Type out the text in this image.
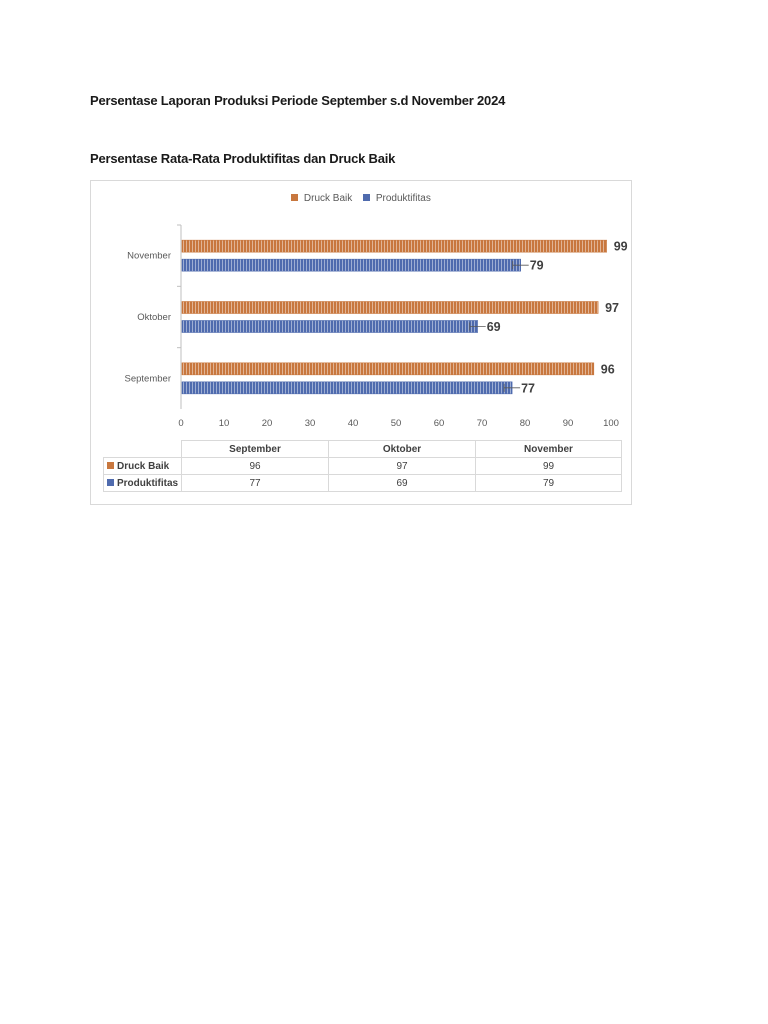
Persentase Laporan Produksi Periode September s.d November 2024
Persentase Rata-Rata Produktifitas dan Druck Baik
Druck Baik Produktifitas
September
96
77
Oktober
97
69
November
99
79
0	10	20	30	40	50	60	70	80	90	100
	September	Oktober	November
Druck Baik	96	97	99
Produktifitas	77	69	79
